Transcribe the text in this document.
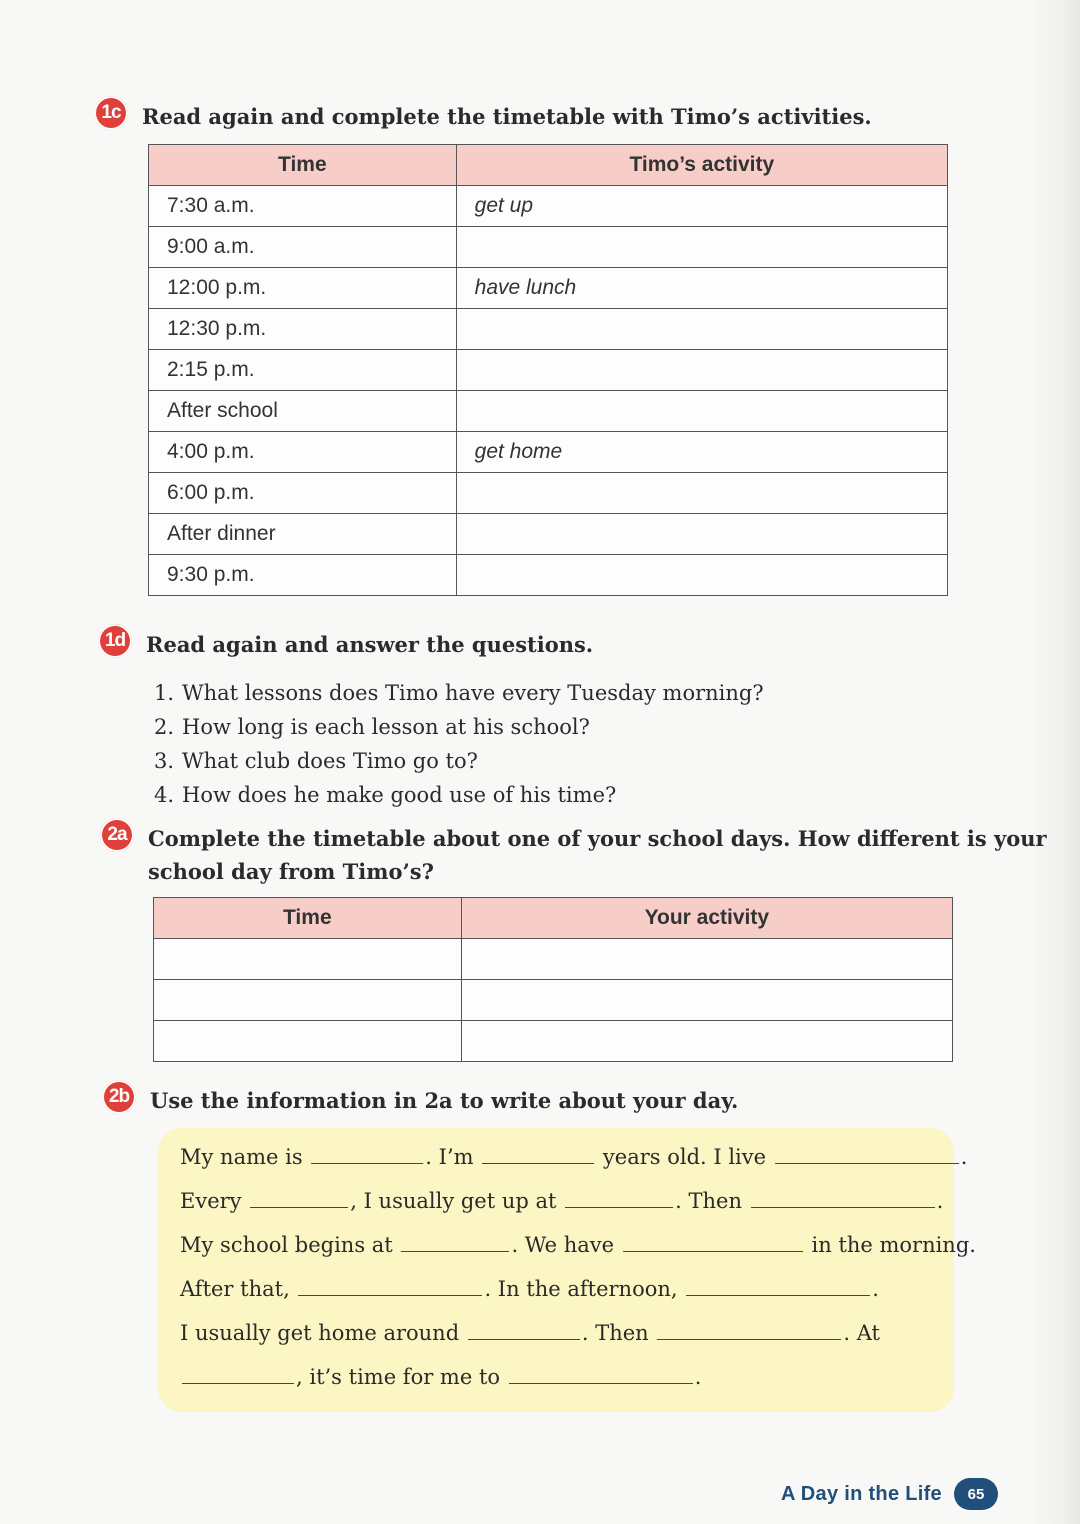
1c Read again and complete the timetable with Timo’s activities.
Time	Timo’s activity
7:30 a.m.	get up
9:00 a.m.	
12:00 p.m.	have lunch
12:30 p.m.	
2:15 p.m.	
After school	
4:00 p.m.	get home
6:00 p.m.	
After dinner	
9:30 p.m.	
1d Read again and answer the questions.
1. What lessons does Timo have every Tuesday morning?
2. How long is each lesson at his school?
3. What club does Timo go to?
4. How does he make good use of his time?
2a Complete the timetable about one of your school days. How different is your
school day from Timo’s?
Time	Your activity

2b Use the information in 2a to write about your day.
My name is	. I’m	years old. I live	.
Every	, I usually get up at	. Then	.
My school begins at	. We have	in the morning.
After that,	. In the afternoon,	.
I usually get home around	. Then	. At
, it’s time for me to	.
A Day in the Life	65
